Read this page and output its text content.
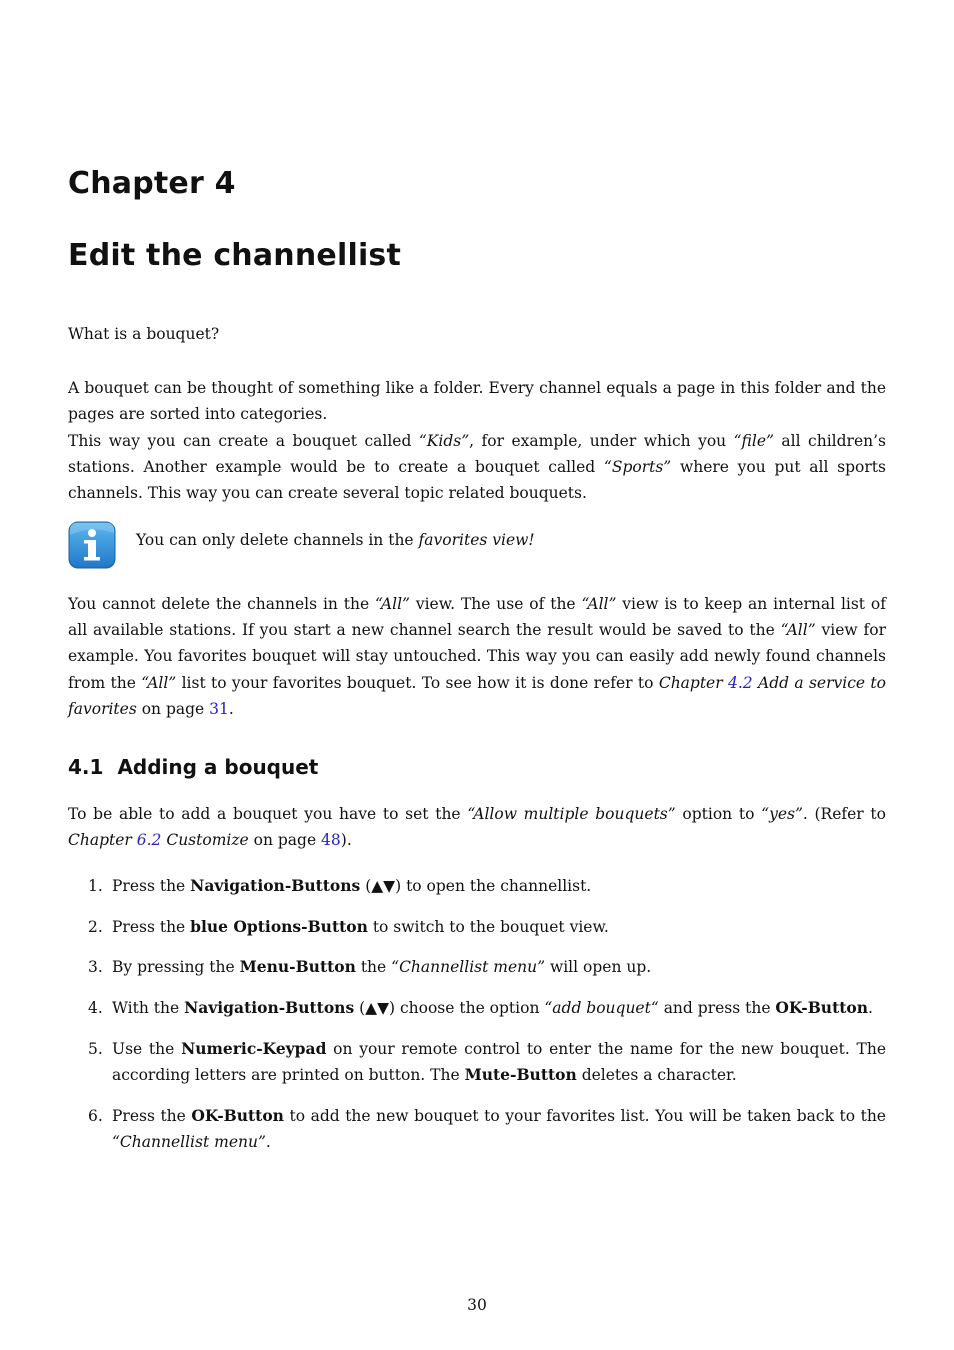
Chapter 4
Edit the channellist
What is a bouquet?
A bouquet can be thought of something like a folder. Every channel equals a page in this folder and the pages are sorted into categories.
This way you can create a bouquet called “Kids”, for example, under which you “file” all children’s stations. Another example would be to create a bouquet called “Sports” where you put all sports channels. This way you can create several topic related bouquets.
You can only delete channels in the favorites view!
You cannot delete the channels in the “All” view. The use of the “All” view is to keep an internal list of all available stations. If you start a new channel search the result would be saved to the “All” view for example. You favorites bouquet will stay untouched. This way you can easily add newly found channels from the “All” list to your favorites bouquet. To see how it is done refer to Chapter 4.2 Add a service to favorites on page 31.
4.1 Adding a bouquet
To be able to add a bouquet you have to set the “Allow multiple bouquets” option to “yes”. (Refer to Chapter 6.2 Customize on page 48).
1. Press the Navigation-Buttons (▲▼) to open the channellist.
2. Press the blue Options-Button to switch to the bouquet view.
3. By pressing the Menu-Button the “Channellist menu” will open up.
4. With the Navigation-Buttons (▲▼) choose the option “add bouquet“ and press the OK-Button.
5. Use the Numeric-Keypad on your remote control to enter the name for the new bouquet. The according letters are printed on button. The Mute-Button deletes a character.
6. Press the OK-Button to add the new bouquet to your favorites list. You will be taken back to the “Channellist menu”.
30
